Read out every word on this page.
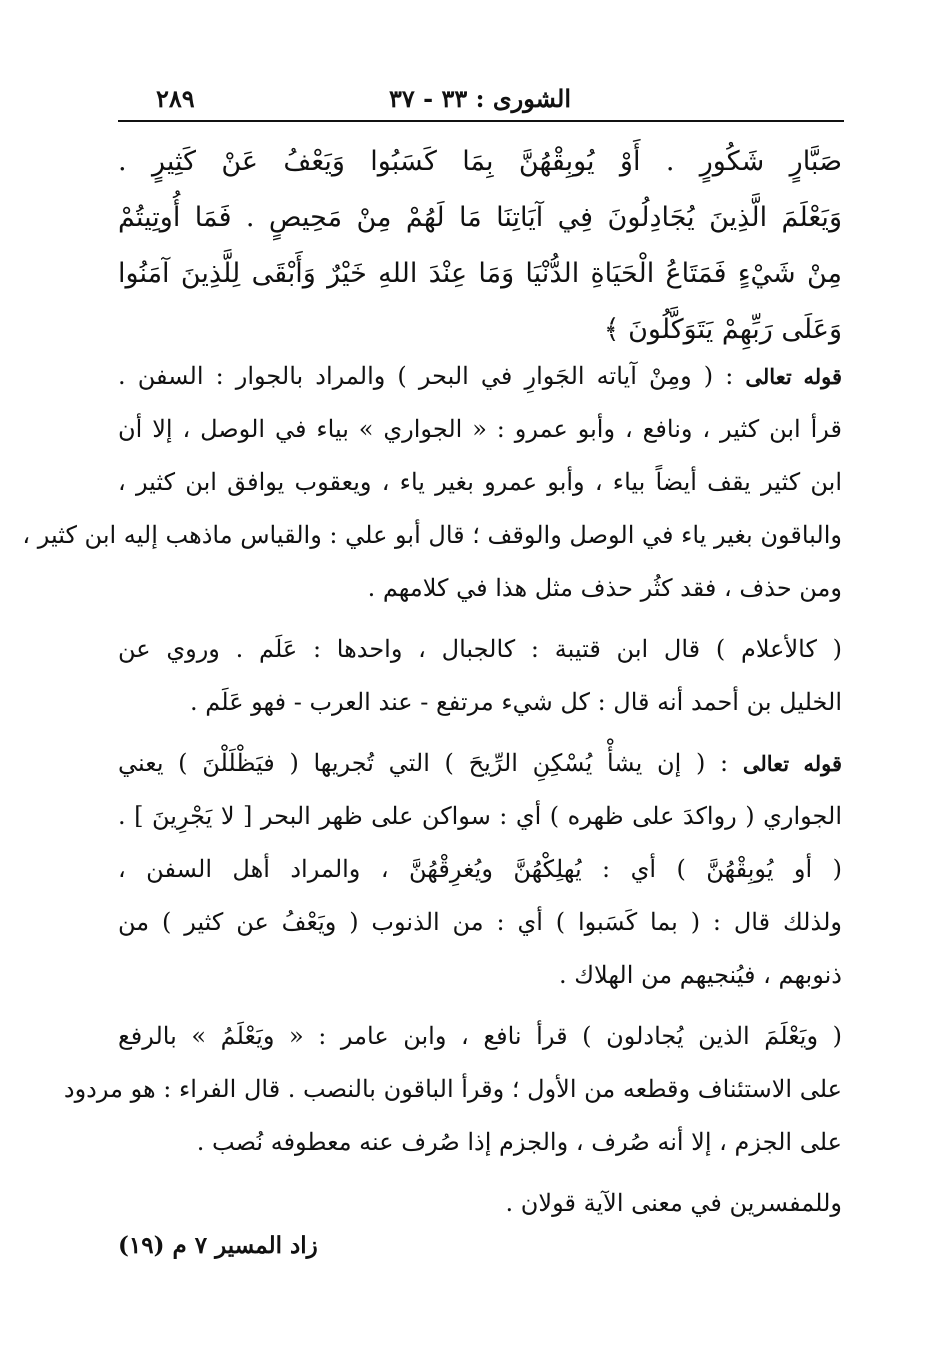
الشورى : ٣٣ - ٣٧
٢٨٩
صَبَّارٍ شَكُورٍ . أَوْ يُوبِقْهُنَّ بِمَا كَسَبُوا وَيَعْفُ عَنْ كَثِيرٍ .
وَيَعْلَمَ الَّذِينَ يُجَادِلُونَ فِي آيَاتِنَا مَا لَهُمْ مِنْ مَحِيصٍ . فَمَا أُوتِيتُمْ
مِنْ شَيْءٍ فَمَتَاعُ الْحَيَاةِ الدُّنْيَا وَمَا عِنْدَ اللهِ خَيْرٌ وَأَبْقَى لِلَّذِينَ آمَنُوا
وَعَلَى رَبِّهِمْ يَتَوَكَّلُونَ ﴾
قوله تعالى : ( ومِنْ آياته الجَوارِ في البحر ) والمراد بالجوار : السفن .
قرأ ابن كثير ، ونافع ، وأبو عمرو : « الجواري » بياء في الوصل ، إلا أن
ابن كثير يقف أيضاً بياء ، وأبو عمرو بغير ياء ، ويعقوب يوافق ابن كثير ،
والباقون بغير ياء في الوصل والوقف ؛ قال أبو علي : والقياس ماذهب إليه ابن كثير ،
ومن حذف ، فقد كثُر حذف مثل هذا في كلامهم .
( كالأعلام ) قال ابن قتيبة : كالجبال ، واحدها : عَلَم . وروي عن
الخليل بن أحمد أنه قال : كل شيء مرتفع - عند العرب - فهو عَلَم .
قوله تعالى : ( إن يشأْ يُسْكِنِ الرِّيحَ ) التي تُجريها ( فيَظْلَلْنَ ) يعني
الجواري ( رواكدَ على ظهره ) أي : سواكن على ظهر البحر [ لا يَجْرِينَ ] .
( أو يُوبِقْهُنَّ ) أي : يُهلِكْهُنَّ ويُغرِقْهُنَّ ، والمراد أهل السفن ،
ولذلك قال : ( بما كَسَبوا ) أي : من الذنوب ( ويَعْفُ عن كثير ) من
ذنوبهم ، فيُنجيهم من الهلاك .
( ويَعْلَمَ الذين يُجادلون ) قرأ نافع ، وابن عامر : « ويَعْلَمُ » بالرفع
على الاستئناف وقطعه من الأول ؛ وقرأ الباقون بالنصب . قال الفراء : هو مردود
على الجزم ، إلا أنه صُرف ، والجزم إذا صُرف عنه معطوفه نُصب .
وللمفسرين في معنى الآية قولان .
زاد المسير ٧ م (١٩)
